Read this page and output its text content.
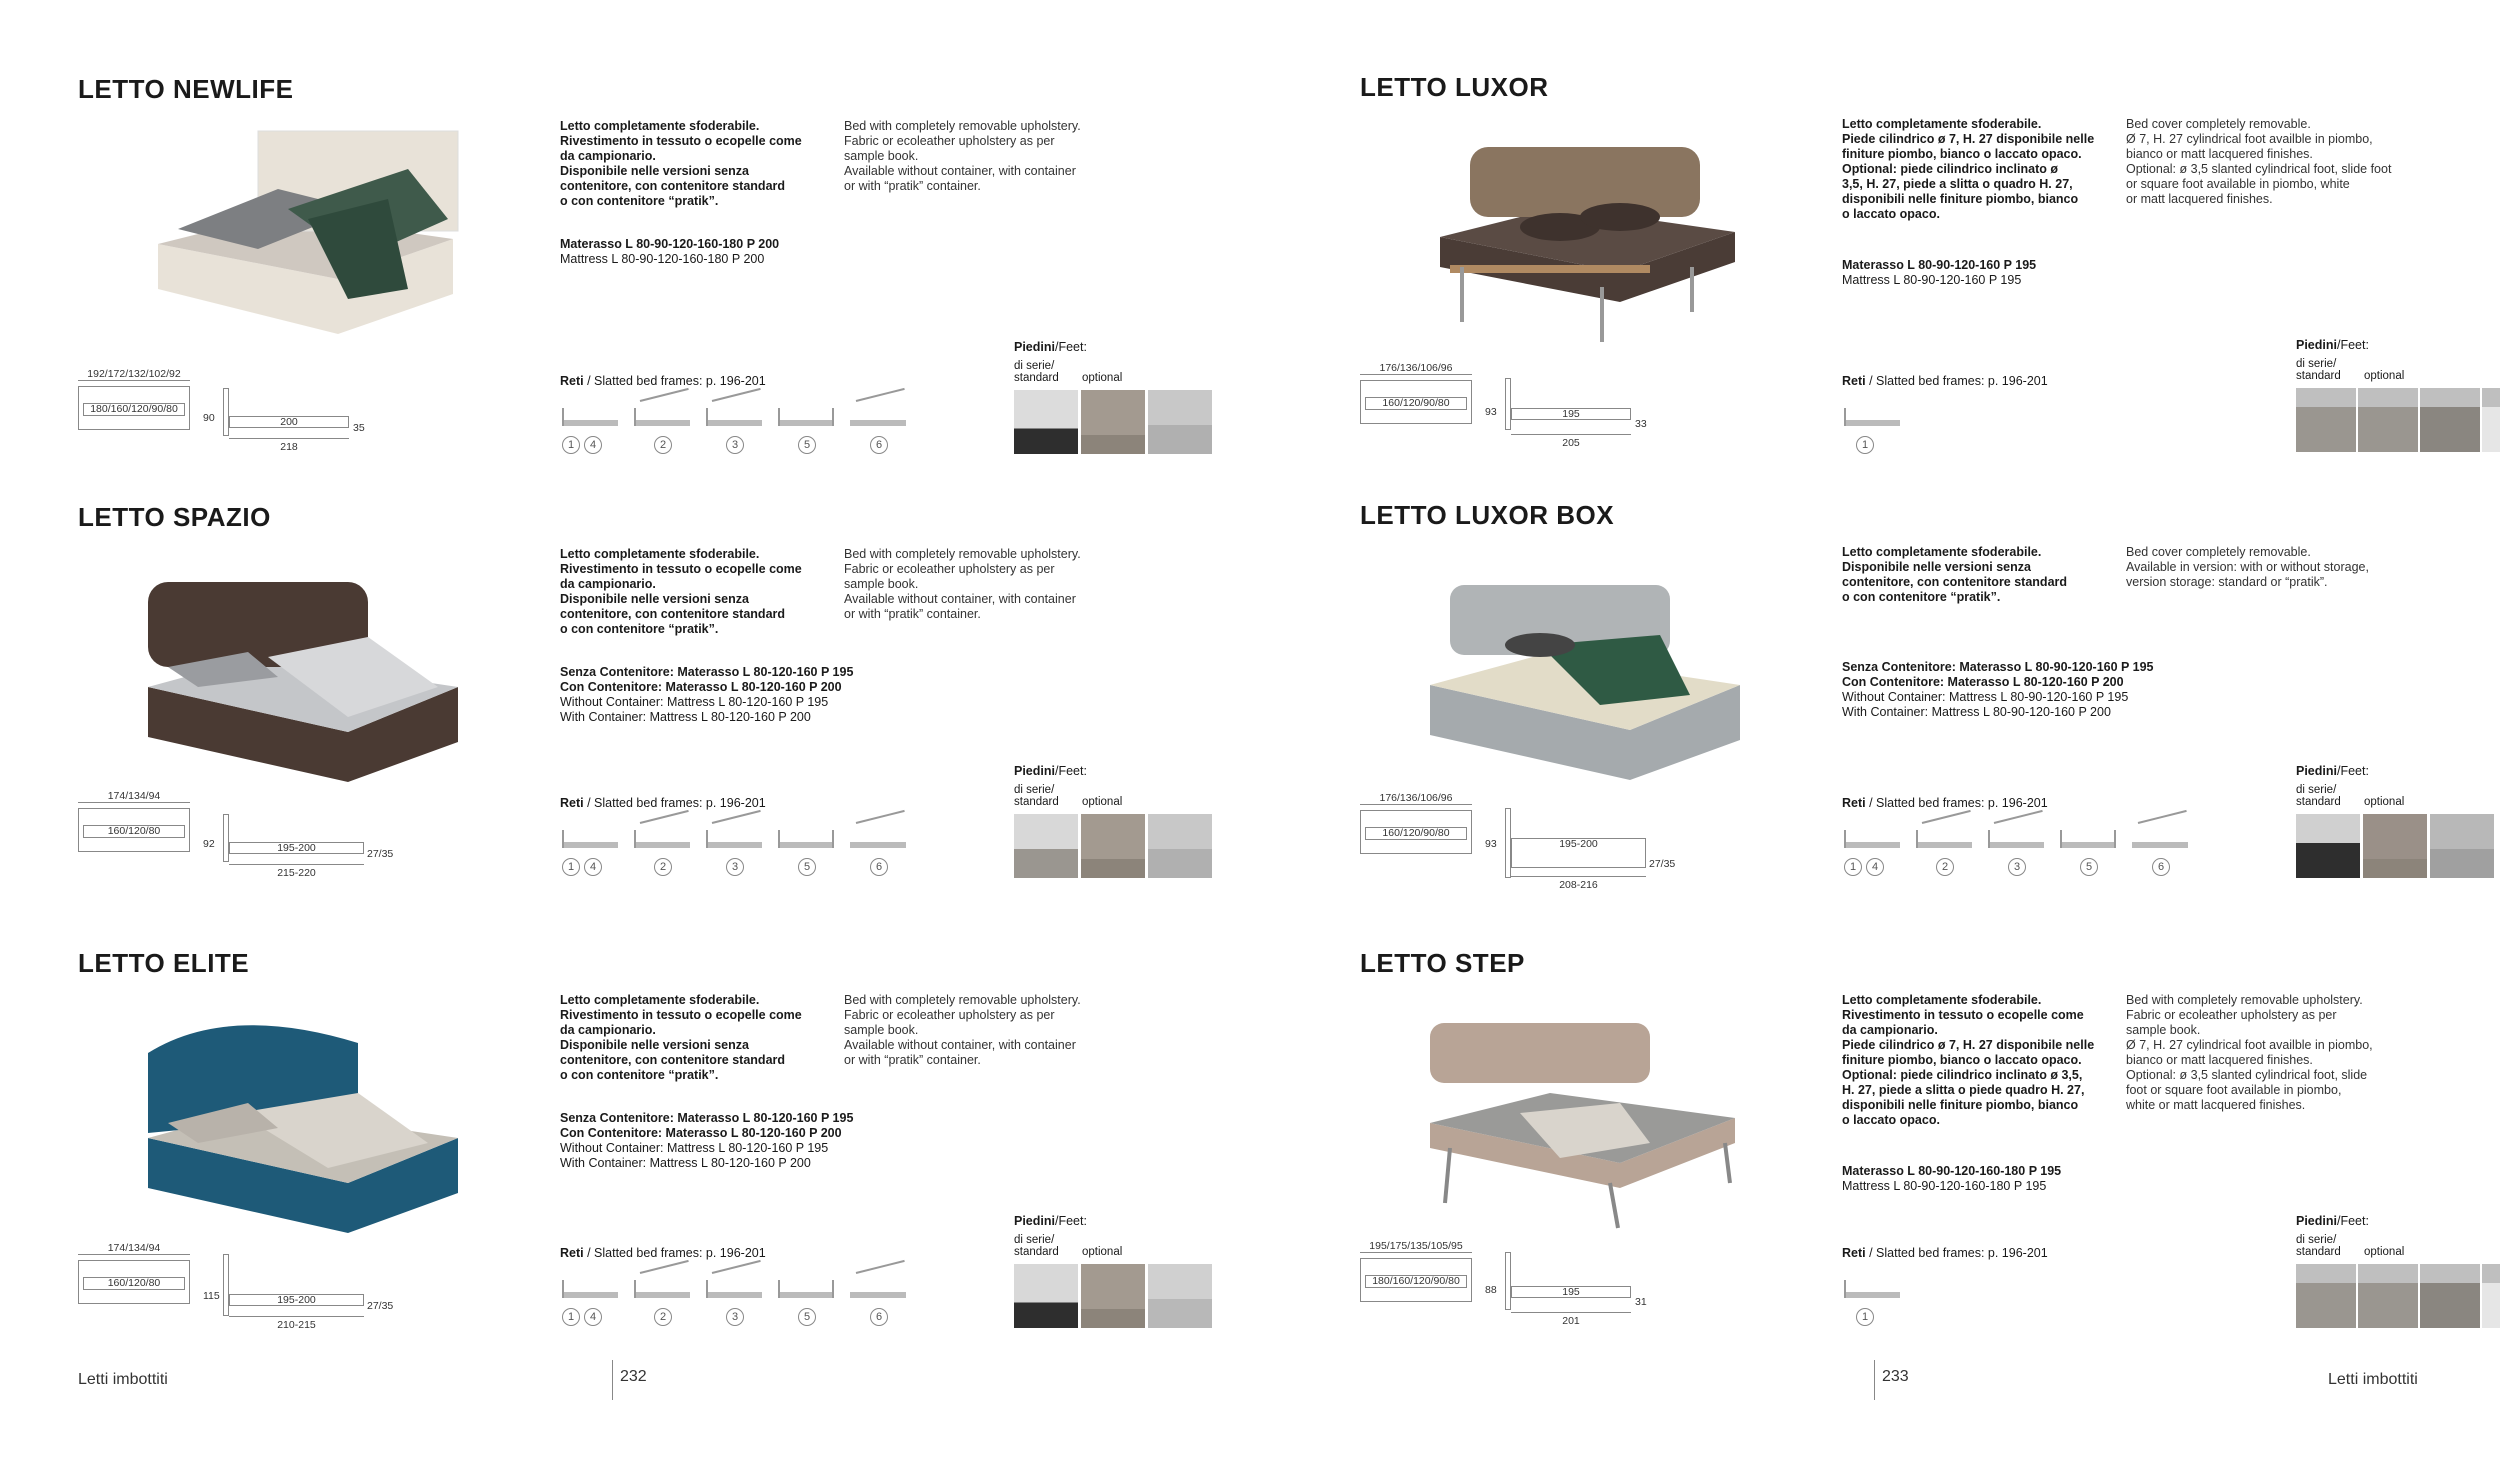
LETTO NEWLIFE
Letto completamente sfoderabile.
Rivestimento in tessuto o ecopelle come
da campionario.
Disponibile nelle versioni senza
contenitore, con contenitore standard
o con contenitore “pratik”.
Bed with completely removable upholstery.
Fabric or ecoleather upholstery as per
sample book.
Available without container, with container
or with “pratik” container.
Materasso L 80-90-120-160-180 P 200
Mattress L 80-90-120-160-180 P 200
180/160/120/90/80
192/172/132/102/92
200
90
35
218
Reti / Slatted bed frames: p. 196-201
1	4	2	3	5	6
Piedini/Feet:
di serie/
standard optional
LETTO SPAZIO
Letto completamente sfoderabile.
Rivestimento in tessuto o ecopelle come
da campionario.
Disponibile nelle versioni senza
contenitore, con contenitore standard
o con contenitore “pratik”.
Bed with completely removable upholstery.
Fabric or ecoleather upholstery as per
sample book.
Available without container, with container
or with “pratik” container.
Senza Contenitore: Materasso L 80-120-160 P 195
Con Contenitore: Materasso L 80-120-160 P 200
Without Container: Mattress L 80-120-160 P 195
With Container: Mattress L 80-120-160 P 200
160/120/80
174/134/94
195-200
92
27/35
215-220
Reti / Slatted bed frames: p. 196-201
1	4	2	3	5	6
Piedini/Feet:
di serie/
standard optional
LETTO ELITE
Letto completamente sfoderabile.
Rivestimento in tessuto o ecopelle come
da campionario.
Disponibile nelle versioni senza
contenitore, con contenitore standard
o con contenitore “pratik”.
Bed with completely removable upholstery.
Fabric or ecoleather upholstery as per
sample book.
Available without container, with container
or with “pratik” container.
Senza Contenitore: Materasso L 80-120-160 P 195
Con Contenitore: Materasso L 80-120-160 P 200
Without Container: Mattress L 80-120-160 P 195
With Container: Mattress L 80-120-160 P 200
160/120/80
174/134/94
195-200
115
27/35
210-215
Reti / Slatted bed frames: p. 196-201
1	4	2	3	5	6
Piedini/Feet:
di serie/
standard optional
LETTO LUXOR
Letto completamente sfoderabile.
Piede cilindrico ø 7, H. 27 disponibile nelle
finiture piombo, bianco o laccato opaco.
Optional: piede cilindrico inclinato ø
3,5, H. 27, piede a slitta o quadro H. 27,
disponibili nelle finiture piombo, bianco
o laccato opaco.
Bed cover completely removable.
Ø 7, H. 27 cylindrical foot availble in piombo,
bianco or matt lacquered finishes.
Optional: ø 3,5 slanted cylindrical foot, slide foot
or square foot available in piombo, white
or matt lacquered finishes.
Materasso L 80-90-120-160 P 195
Mattress L 80-90-120-160 P 195
160/120/90/80
176/136/106/96
195
93
33
205
Reti / Slatted bed frames: p. 196-201
1
Piedini/Feet:
di serie/
standard optional
LETTO LUXOR BOX
Letto completamente sfoderabile.
Disponibile nelle versioni senza
contenitore, con contenitore standard
o con contenitore “pratik”.
Bed cover completely removable.
Available in version: with or without storage,
version storage: standard or “pratik”.
Senza Contenitore: Materasso L 80-90-120-160 P 195
Con Contenitore: Materasso L 80-120-160 P 200
Without Container: Mattress L 80-90-120-160 P 195
With Container: Mattress L 80-90-120-160 P 200
160/120/90/80
176/136/106/96
195-200
93
27/35
208-216
Reti / Slatted bed frames: p. 196-201
1	4	2	3	5	6
Piedini/Feet:
di serie/
standard optional
LETTO STEP
Letto completamente sfoderabile.
Rivestimento in tessuto o ecopelle come
da campionario.
Piede cilindrico ø 7, H. 27 disponibile nelle
finiture piombo, bianco o laccato opaco.
Optional: piede cilindrico inclinato ø 3,5,
H. 27, piede a slitta o piede quadro H. 27,
disponibili nelle finiture piombo, bianco
o laccato opaco.
Bed with completely removable upholstery.
Fabric or ecoleather upholstery as per
sample book.
Ø 7, H. 27 cylindrical foot availble in piombo,
bianco or matt lacquered finishes.
Optional: ø 3,5 slanted cylindrical foot, slide
foot or square foot available in piombo,
white or matt lacquered finishes.
Materasso L 80-90-120-160-180 P 195
Mattress L 80-90-120-160-180 P 195
180/160/120/90/80
195/175/135/105/95
195
88
31
201
Reti / Slatted bed frames: p. 196-201
1
Piedini/Feet:
di serie/
standard optional
Letti imbottiti	232	233	Letti imbottiti
